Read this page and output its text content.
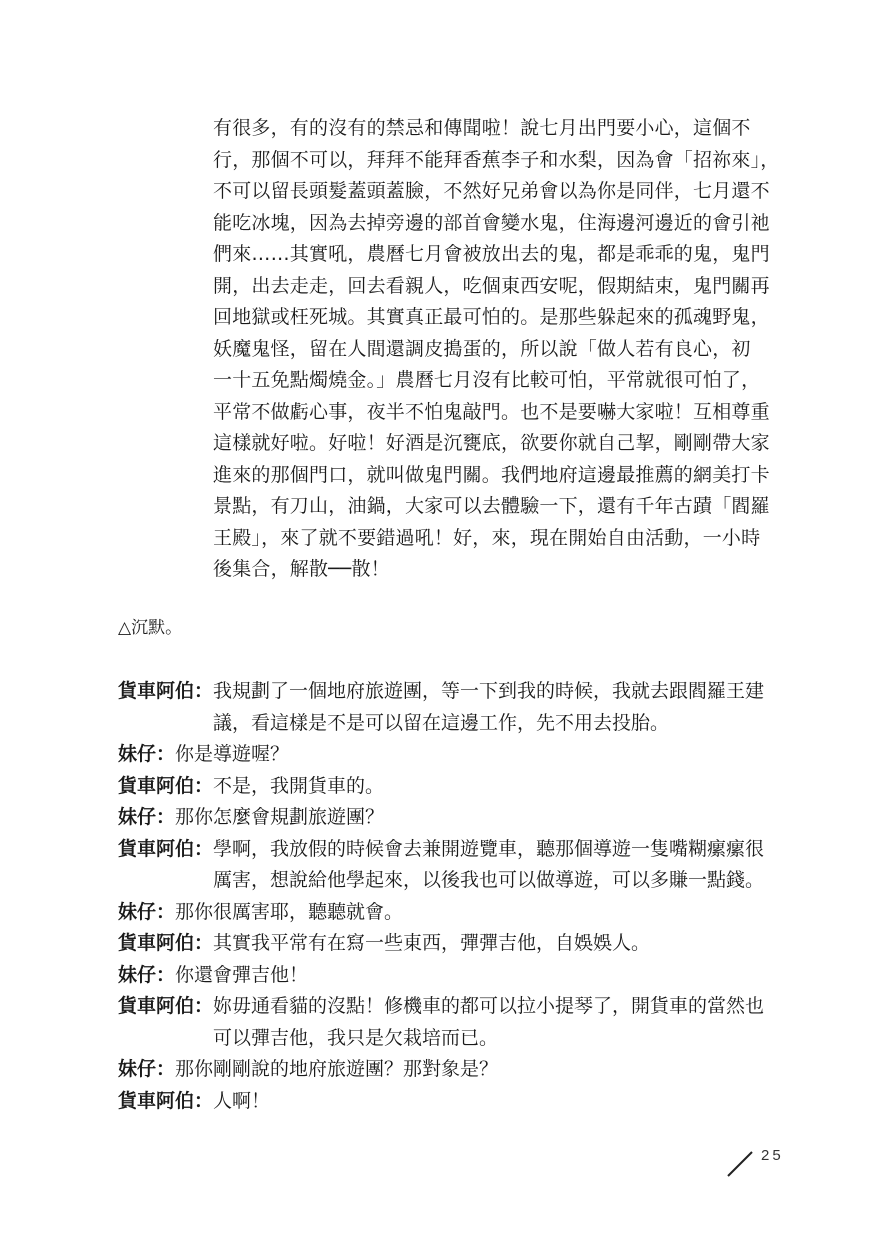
有很多，有的沒有的禁忌和傳聞啦！說七月出門要小心，這個不
行，那個不可以，拜拜不能拜香蕉李子和水梨，因為會「招祢來」，
不可以留長頭髮蓋頭蓋臉，不然好兄弟會以為你是同伴，七月還不
能吃冰塊，因為去掉旁邊的部首會變水鬼，住海邊河邊近的會引祂
們來……其實吼，農曆七月會被放出去的鬼，都是乖乖的鬼，鬼門
開，出去走走，回去看親人，吃個東西安呢，假期結束，鬼門關再
回地獄或枉死城。其實真正最可怕的。是那些躲起來的孤魂野鬼，
妖魔鬼怪，留在人間還調皮搗蛋的，所以說「做人若有良心，初
一十五免點燭燒金。」農曆七月沒有比較可怕，平常就很可怕了，
平常不做虧心事，夜半不怕鬼敲門。也不是要嚇大家啦！互相尊重
這樣就好啦。好啦！好酒是沉甕底，欲要你就自己挈，剛剛帶大家
進來的那個門口，就叫做鬼門關。我們地府這邊最推薦的網美打卡
景點，有刀山，油鍋，大家可以去體驗一下，還有千年古蹟「閻羅
王殿」，來了就不要錯過吼！好，來，現在開始自由活動，一小時
後集合，解散──散！
△沉默。
貨車阿伯：我規劃了一個地府旅遊團，等一下到我的時候，我就去跟閻羅王建
議，看這樣是不是可以留在這邊工作，先不用去投胎。
妹仔：你是導遊喔？
貨車阿伯：不是，我開貨車的。
妹仔：那你怎麼會規劃旅遊團？
貨車阿伯：學啊，我放假的時候會去兼開遊覽車，聽那個導遊一隻嘴糊瘰瘰很
厲害，想說給他學起來，以後我也可以做導遊，可以多賺一點錢。
妹仔：那你很厲害耶，聽聽就會。
貨車阿伯：其實我平常有在寫一些東西，彈彈吉他，自娛娛人。
妹仔：你還會彈吉他！
貨車阿伯：妳毋通看貓的沒點！修機車的都可以拉小提琴了，開貨車的當然也
可以彈吉他，我只是欠栽培而已。
妹仔：那你剛剛說的地府旅遊團？那對象是？
貨車阿伯：人啊！
25
